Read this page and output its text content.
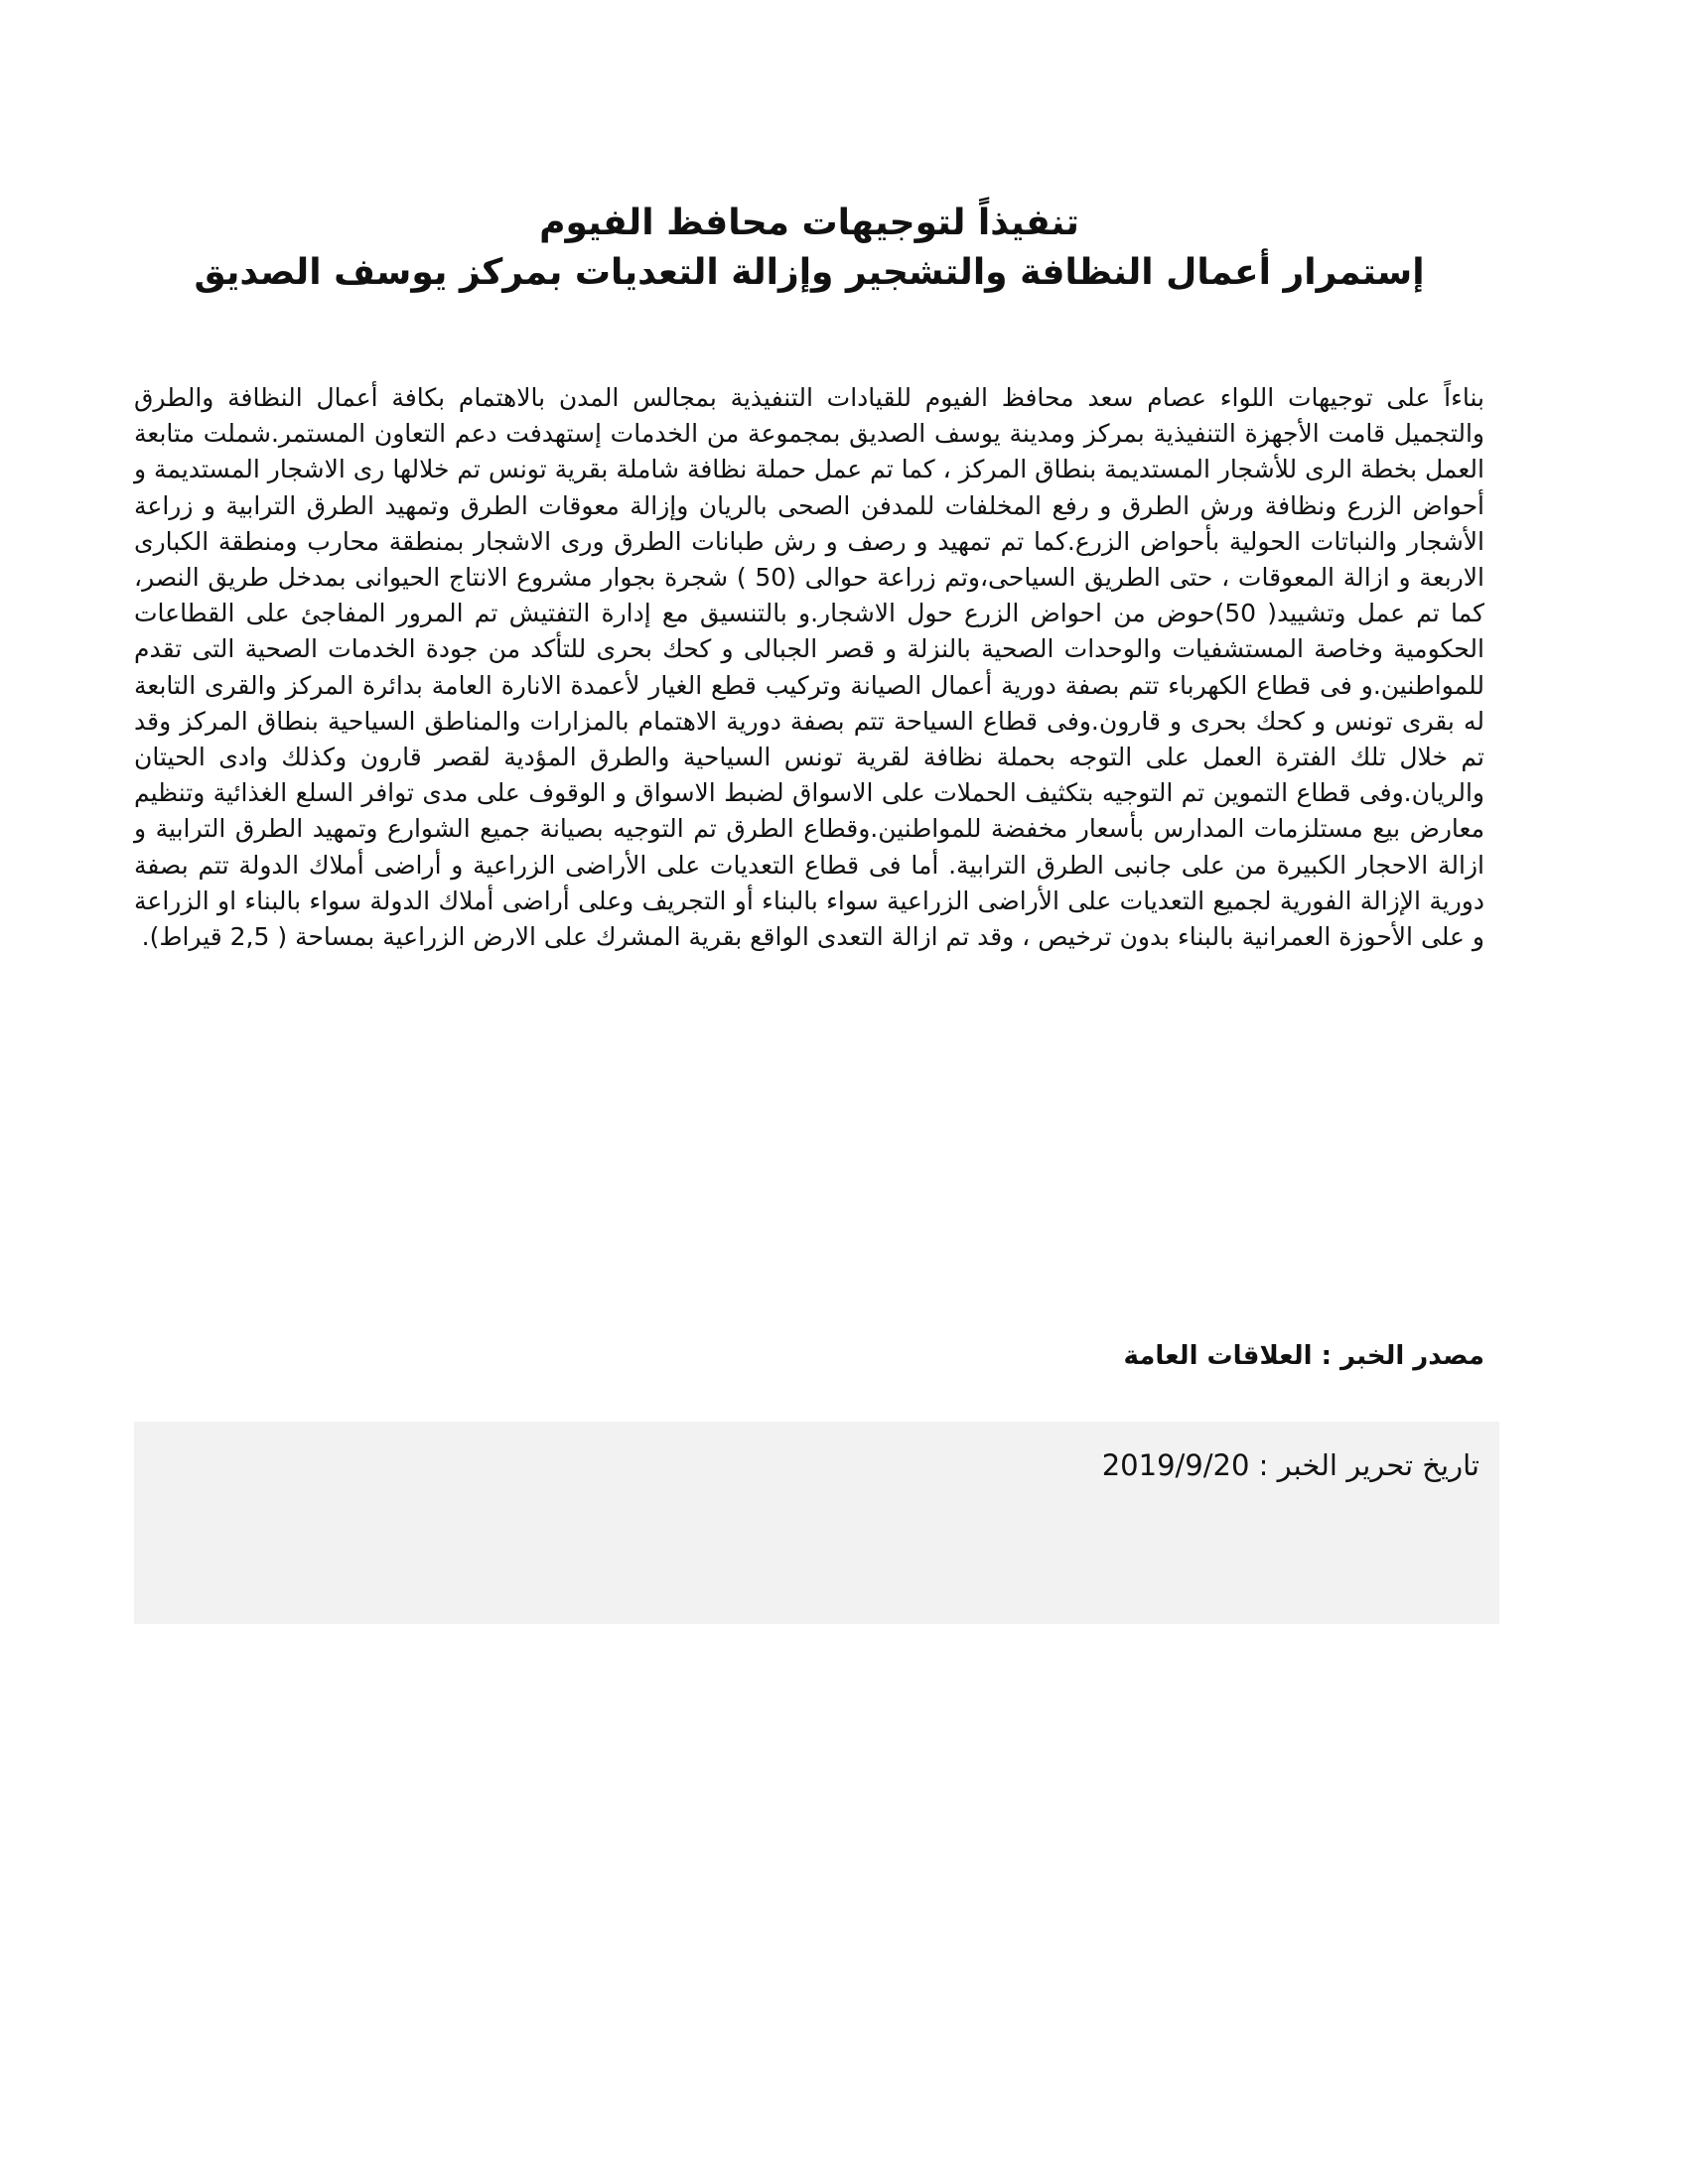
تنفيذاً لتوجيهات محافظ الفيوم

إستمرار أعمال النظافة والتشجير وإزالة التعديات بمركز يوسف الصديق

بناءاً على توجيهات اللواء عصام سعد محافظ الفيوم للقيادات التنفيذية بمجالس المدن بالاهتمام بكافة أعمال النظافة والطرق والتجميل قامت الأجهزة التنفيذية بمركز ومدينة يوسف الصديق بمجموعة من الخدمات إستهدفت دعم التعاون المستمر.شملت متابعة العمل بخطة الرى للأشجار المستديمة بنطاق المركز ، كما تم عمل حملة نظافة شاملة بقرية تونس تم خلالها رى الاشجار المستديمة و أحواض الزرع ونظافة ورش الطرق و رفع المخلفات للمدفن الصحى بالريان وإزالة معوقات الطرق وتمهيد الطرق الترابية و زراعة الأشجار والنباتات الحولية بأحواض الزرع.كما تم تمهيد و رصف و رش طبانات الطرق ورى الاشجار بمنطقة محارب ومنطقة الكبارى الاربعة و ازالة المعوقات ، حتى الطريق السياحى،وتم زراعة حوالى (50 ) شجرة بجوار مشروع الانتاج الحيوانى بمدخل طريق النصر، كما تم عمل وتشييد( 50)حوض من احواض الزرع حول الاشجار.و بالتنسيق مع إدارة التفتيش تم المرور المفاجئ على القطاعات الحكومية وخاصة المستشفيات والوحدات الصحية بالنزلة و قصر الجبالى و كحك بحرى للتأكد من جودة الخدمات الصحية التى تقدم للمواطنين.و فى قطاع الكهرباء تتم بصفة دورية أعمال الصيانة وتركيب قطع الغيار لأعمدة الانارة العامة بدائرة المركز والقرى التابعة له بقرى تونس و كحك بحرى و قارون.وفى قطاع السياحة تتم بصفة دورية الاهتمام بالمزارات والمناطق السياحية بنطاق المركز وقد تم خلال تلك الفترة العمل على التوجه بحملة نظافة لقرية تونس السياحية والطرق المؤدية لقصر قارون وكذلك وادى الحيتان والريان.وفى قطاع التموين تم التوجيه بتكثيف الحملات على الاسواق لضبط الاسواق و الوقوف على مدى توافر السلع الغذائية وتنظيم معارض بيع مستلزمات المدارس بأسعار مخفضة للمواطنين.وقطاع الطرق تم التوجيه بصيانة جميع الشوارع وتمهيد الطرق الترابية و ازالة الاحجار الكبيرة من على جانبى الطرق الترابية. أما فى قطاع التعديات على الأراضى الزراعية و أراضى أملاك الدولة تتم بصفة دورية الإزالة الفورية لجميع التعديات على الأراضى الزراعية سواء بالبناء أو التجريف وعلى أراضى أملاك الدولة سواء بالبناء او الزراعة و على الأحوزة العمرانية بالبناء بدون ترخيص ، وقد تم ازالة التعدى الواقع بقرية المشرك على الارض الزراعية بمساحة ( 2,5 قيراط).

مصدر الخبر : العلاقات العامة
تاريخ تحرير الخبر : 2019/9/20
